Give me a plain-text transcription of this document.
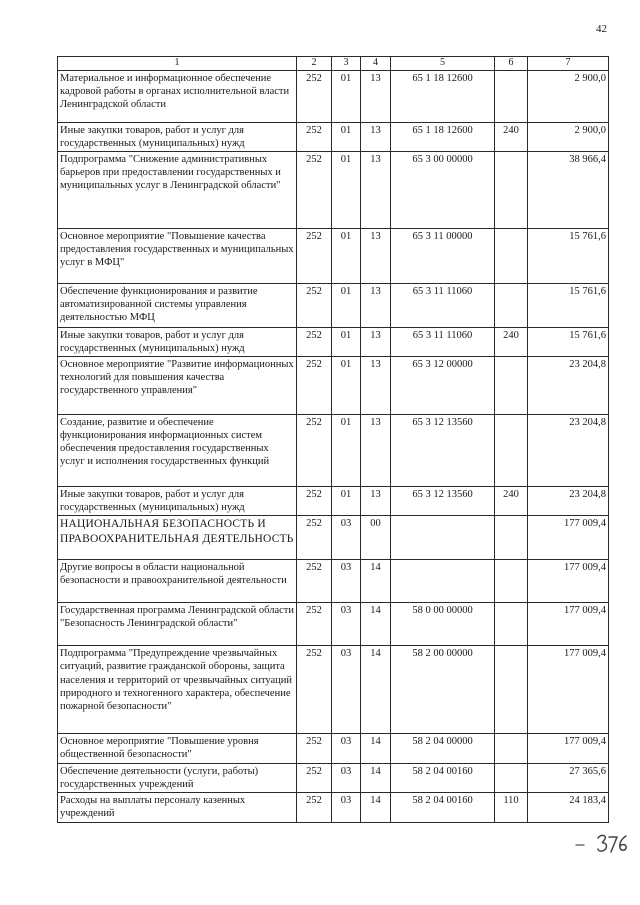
42
1	2	3	4	5	6	7
Материальное и информационное обеспечение кадровой работы в органах исполнительной власти Ленинградской области	252	01	13	65 1 18 12600		2 900,0
Иные закупки товаров, работ и услуг для государственных (муниципальных) нужд	252	01	13	65 1 18 12600	240	2 900,0
Подпрограмма "Снижение административных барьеров при предоставлении государственных и муниципальных услуг в Ленинградской области"	252	01	13	65 3 00 00000		38 966,4
Основное мероприятие "Повышение качества предоставления государственных и муниципальных услуг в МФЦ"	252	01	13	65 3 11 00000		15 761,6
Обеспечение функционирования и развитие автоматизированной системы управления деятельностью МФЦ	252	01	13	65 3 11 11060		15 761,6
Иные закупки товаров, работ и услуг для государственных (муниципальных) нужд	252	01	13	65 3 11 11060	240	15 761,6
Основное мероприятие "Развитие информационных технологий для повышения качества государственного управления"	252	01	13	65 3 12 00000		23 204,8
Создание, развитие и обеспечение функционирования информационных систем обеспечения предоставления государственных услуг и исполнения государственных функций	252	01	13	65 3 12 13560		23 204,8
Иные закупки товаров, работ и услуг для государственных (муниципальных) нужд	252	01	13	65 3 12 13560	240	23 204,8
НАЦИОНАЛЬНАЯ БЕЗОПАСНОСТЬ И ПРАВООХРАНИТЕЛЬНАЯ ДЕЯТЕЛЬНОСТЬ	252	03	00			177 009,4
Другие вопросы в области национальной безопасности и правоохранительной деятельности	252	03	14			177 009,4
Государственная программа Ленинградской области "Безопасность Ленинградской области"	252	03	14	58 0 00 00000		177 009,4
Подпрограмма "Предупреждение чрезвычайных ситуаций, развитие гражданской обороны, защита населения и территорий от чрезвычайных ситуаций природного и техногенного характера, обеспечение пожарной безопасности"	252	03	14	58 2 00 00000		177 009,4
Основное мероприятие "Повышение уровня общественной безопасности"	252	03	14	58 2 04 00000		177 009,4
Обеспечение деятельности (услуги, работы) государственных учреждений	252	03	14	58 2 04 00160		27 365,6
Расходы на выплаты персоналу казенных учреждений	252	03	14	58 2 04 00160	110	24 183,4
